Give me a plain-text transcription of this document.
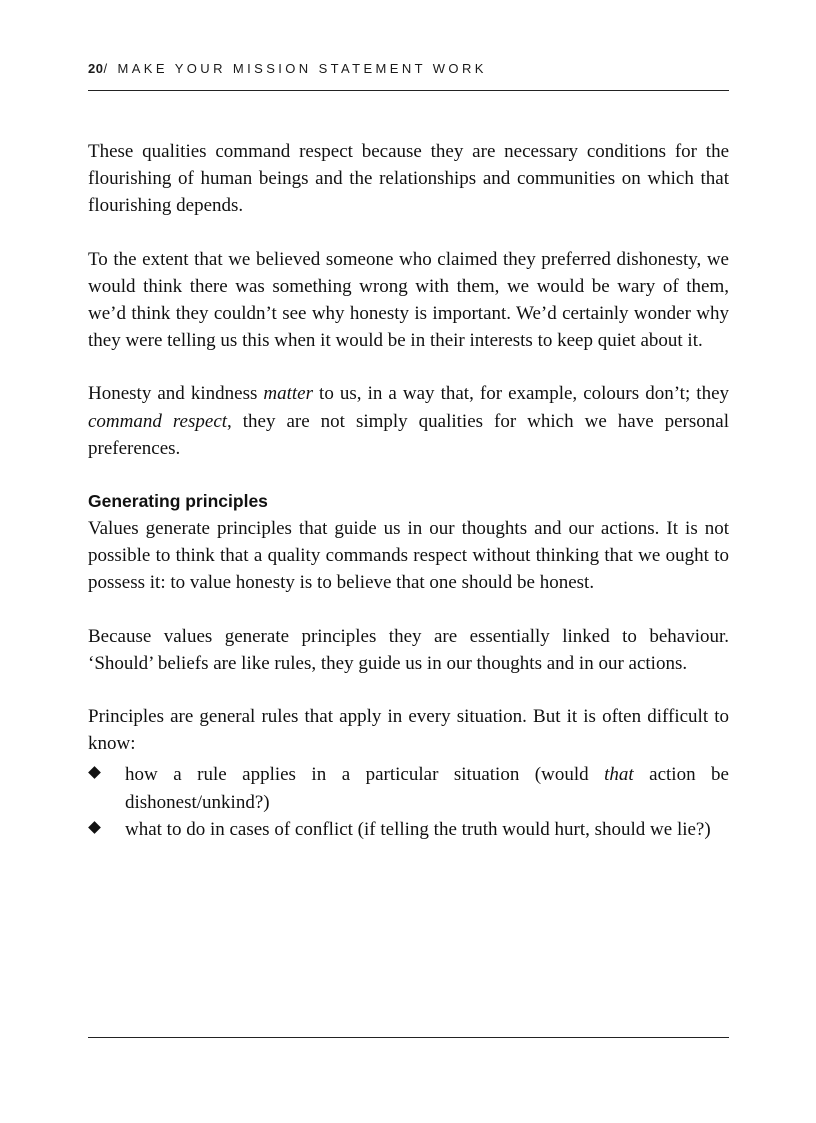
20/ MAKE YOUR MISSION STATEMENT WORK

These qualities command respect because they are necessary conditions for the flourishing of human beings and the relationships and communities on which that flourishing depends.

To the extent that we believed someone who claimed they preferred dishonesty, we would think there was something wrong with them, we would be wary of them, we’d think they couldn’t see why honesty is important. We’d certainly wonder why they were telling us this when it would be in their interests to keep quiet about it.

Honesty and kindness matter to us, in a way that, for example, colours don’t; they command respect, they are not simply qualities for which we have personal preferences.

Generating principles

Values generate principles that guide us in our thoughts and our actions. It is not possible to think that a quality commands respect without thinking that we ought to possess it: to value honesty is to believe that one should be honest.

Because values generate principles they are essentially linked to behaviour. ‘Should’ beliefs are like rules, they guide us in our thoughts and in our actions.

Principles are general rules that apply in every situation. But it is often difficult to know:

how a rule applies in a particular situation (would that action be dishonest/unkind?)
what to do in cases of conflict (if telling the truth would hurt, should we lie?)
